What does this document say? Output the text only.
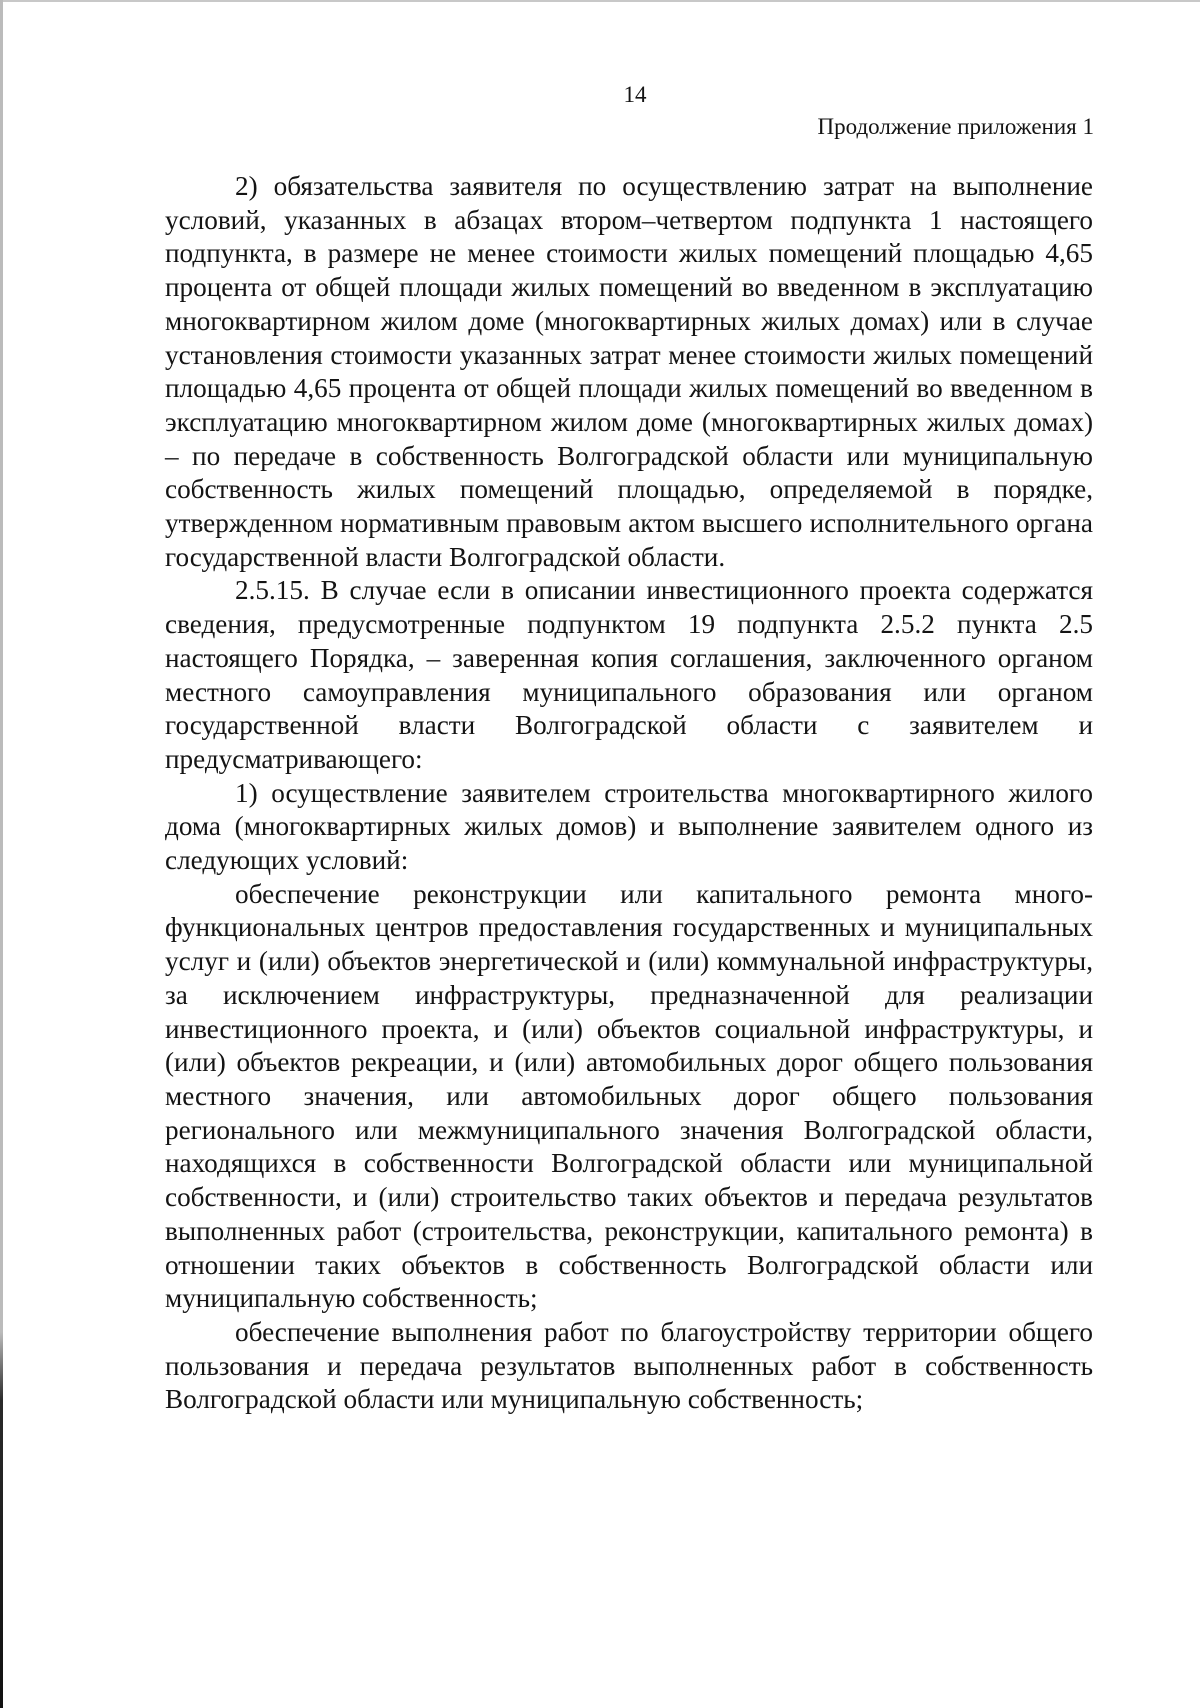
14
Продолжение приложения 1

2) обязательства заявителя по осуществлению затрат на выполнение условий, указанных в абзацах втором–четвертом подпункта 1 настоящего подпункта, в размере не менее стоимости жилых помещений площадью 4,65 процента от общей площади жилых помещений во введенном в эксплуатацию многоквартирном жилом доме (многоквартирных жилых домах) или в случае установления стоимости указанных затрат менее стоимости жилых помещений площадью 4,65 процента от общей площади жилых помещений во введенном в эксплуатацию многоквартирном жилом доме (многоквартирных жилых домах) – по передаче в собственность Волгоградской области или муниципальную собственность жилых помещений площадью, определяемой в порядке, утвержденном нормативным правовым актом высшего исполнительного органа государственной власти Волгоградской области.

2.5.15. В случае если в описании инвестиционного проекта содержатся сведения, предусмотренные подпунктом 19 подпункта 2.5.2 пункта 2.5 настоящего Порядка, – заверенная копия соглашения, заключенного органом местного самоуправления муниципального образования или органом государственной власти Волгоградской области с заявителем и предусматривающего:

1) осуществление заявителем строительства многоквартирного жилого дома (многоквартирных жилых домов) и выполнение заявителем одного из следующих условий:

обеспечение реконструкции или капитального ремонта многофункциональных центров предоставления государственных и муниципальных услуг и (или) объектов энергетической и (или) коммунальной инфраструктуры, за исключением инфраструктуры, предназначенной для реализации инвестиционного проекта, и (или) объектов социальной инфраструктуры, и (или) объектов рекреации, и (или) автомобильных дорог общего пользования местного значения, или автомобильных дорог общего пользования регионального или межмуниципального значения Волгоградской области, находящихся в собственности Волгоградской области или муниципальной собственности, и (или) строительство таких объектов и передача результатов выполненных работ (строительства, реконструкции, капитального ремонта) в отношении таких объектов в собственность Волгоградской области или муниципальную собственность;

обеспечение выполнения работ по благоустройству территории общего пользования и передача результатов выполненных работ в собственность Волгоградской области или муниципальную собственность;
